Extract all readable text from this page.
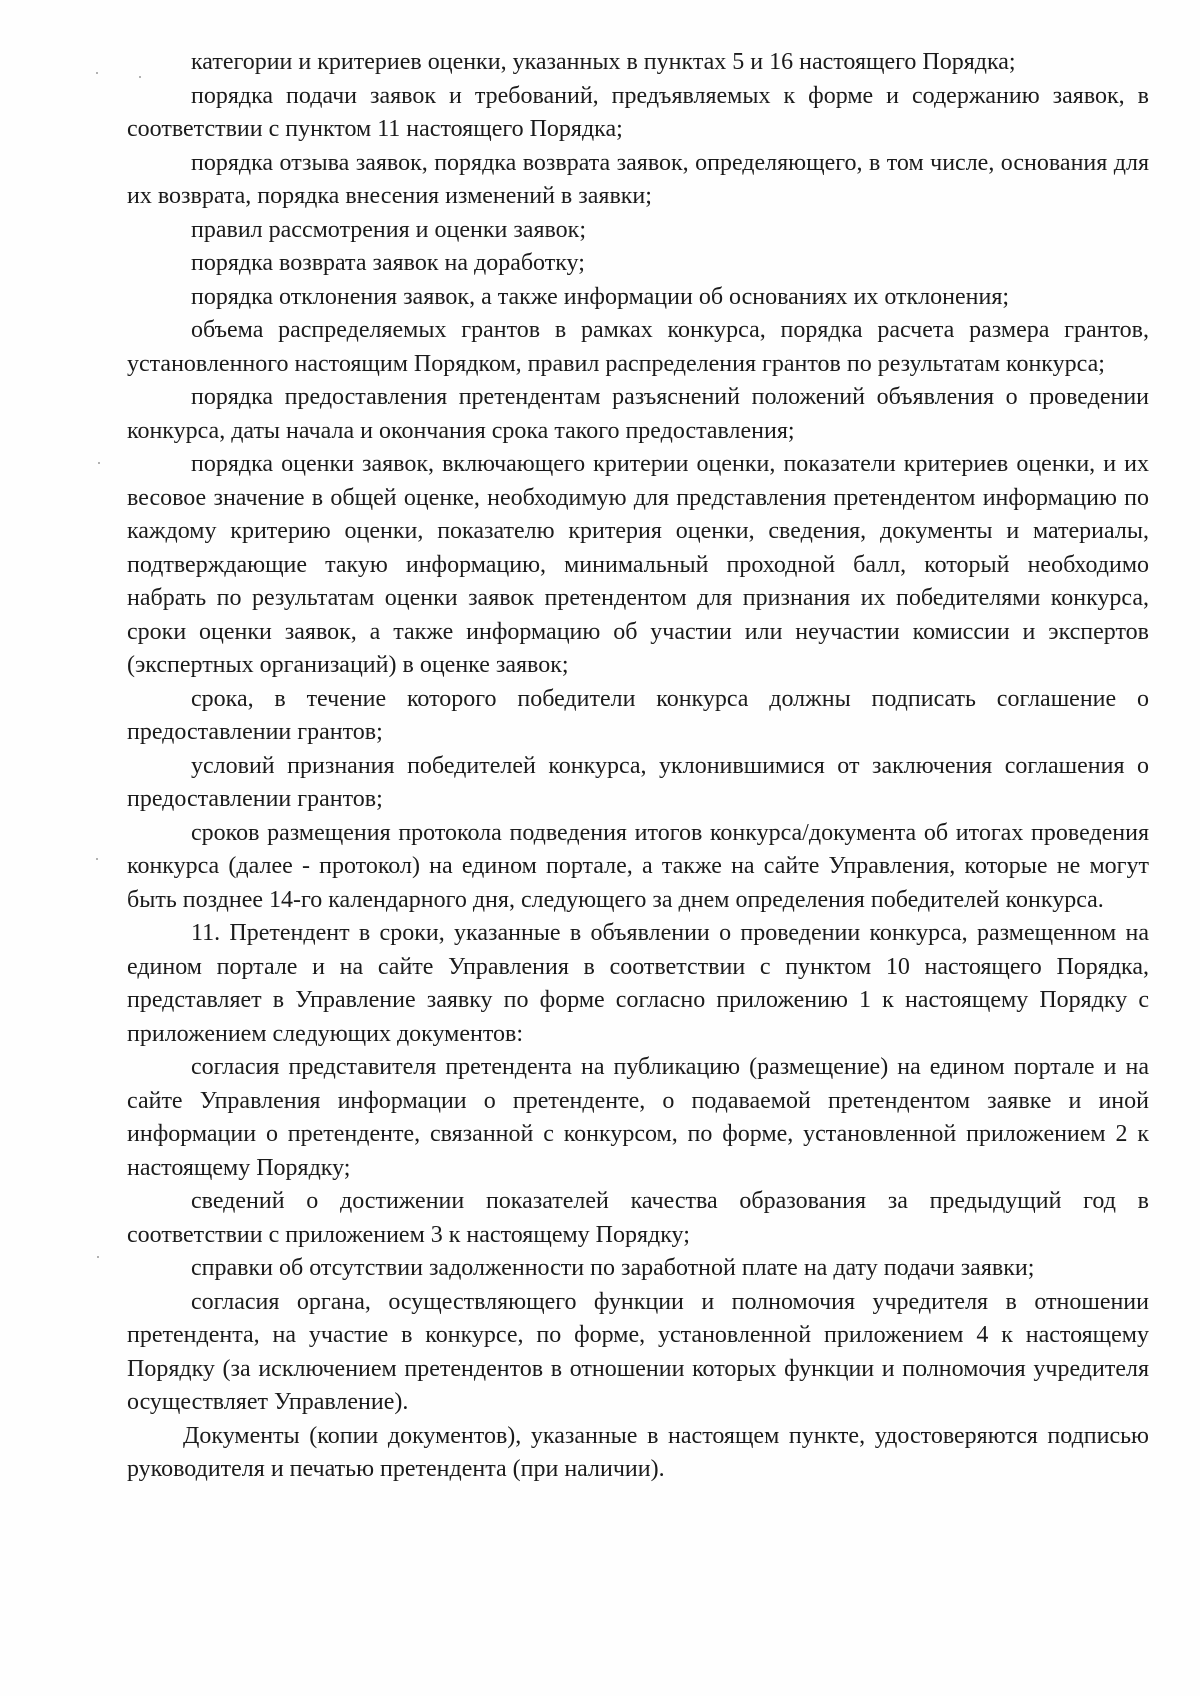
категории и критериев оценки, указанных в пунктах 5 и 16 настоящего Порядка;

порядка подачи заявок и требований, предъявляемых к форме и содержанию заявок, в соответствии с пунктом 11 настоящего Порядка;

порядка отзыва заявок, порядка возврата заявок, определяющего, в том числе, основания для их возврата, порядка внесения изменений в заявки;

правил рассмотрения и оценки заявок;

порядка возврата заявок на доработку;

порядка отклонения заявок, а также информации об основаниях их отклонения;

объема распределяемых грантов в рамках конкурса, порядка расчета размера грантов, установленного настоящим Порядком, правил распределения грантов по результатам конкурса;

порядка предоставления претендентам разъяснений положений объявления о проведении конкурса, даты начала и окончания срока такого предоставления;

порядка оценки заявок, включающего критерии оценки, показатели критериев оценки, и их весовое значение в общей оценке, необходимую для представления претендентом информацию по каждому критерию оценки, показателю критерия оценки, сведения, документы и материалы, подтверждающие такую информацию, минимальный проходной балл, который необходимо набрать по результатам оценки заявок претендентом для признания их победителями конкурса, сроки оценки заявок, а также информацию об участии или неучастии комиссии и экспертов (экспертных организаций) в оценке заявок;

срока, в течение которого победители конкурса должны подписать соглашение о предоставлении грантов;

условий признания победителей конкурса, уклонившимися от заключения соглашения о предоставлении грантов;

сроков размещения протокола подведения итогов конкурса/документа об итогах проведения конкурса (далее - протокол) на едином портале, а также на сайте Управления, которые не могут быть позднее 14-го календарного дня, следующего за днем определения победителей конкурса.

11. Претендент в сроки, указанные в объявлении о проведении конкурса, размещенном на едином портале и на сайте Управления в соответствии с пунктом 10 настоящего Порядка, представляет в Управление заявку по форме согласно приложению 1 к настоящему Порядку с приложением следующих документов:

согласия представителя претендента на публикацию (размещение) на едином портале и на сайте Управления информации о претенденте, о подаваемой претендентом заявке и иной информации о претенденте, связанной с конкурсом, по форме, установленной приложением 2 к настоящему Порядку;

сведений о достижении показателей качества образования за предыдущий год в соответствии с приложением 3 к настоящему Порядку;

справки об отсутствии задолженности по заработной плате на дату подачи заявки;

согласия органа, осуществляющего функции и полномочия учредителя в отношении претендента, на участие в конкурсе, по форме, установленной приложением 4 к настоящему Порядку (за исключением претендентов в отношении которых функции и полномочия учредителя осуществляет Управление).

Документы (копии документов), указанные в настоящем пункте, удостоверяются подписью руководителя и печатью претендента (при наличии).
